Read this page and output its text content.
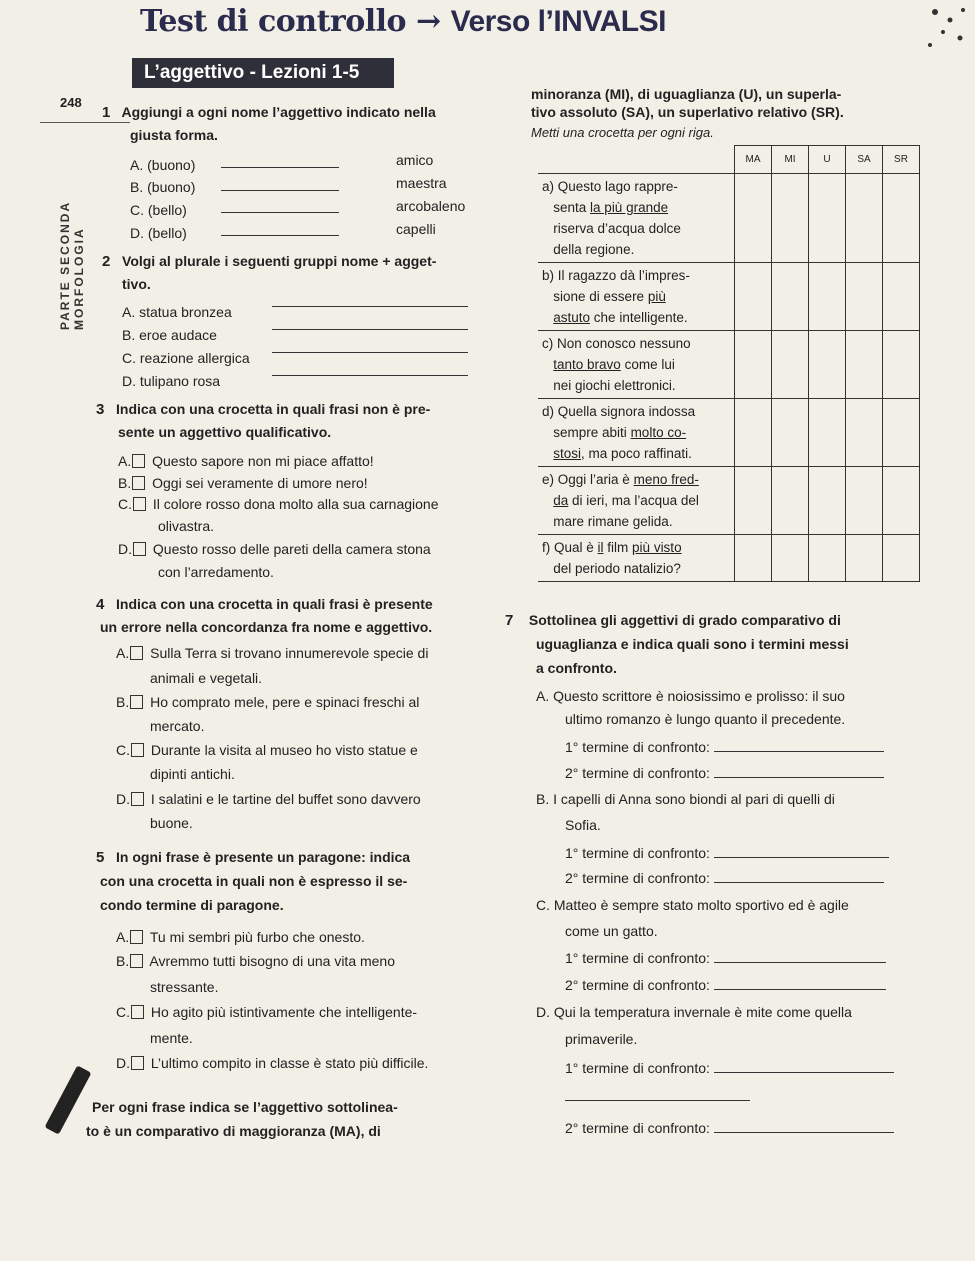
Test di controllo → Verso l’INVALSI
L’aggettivo - Lezioni 1-5
248
PARTE SECONDA MORFOLOGIA
1 Aggiungi a ogni nome l’aggettivo indicato nella
giusta forma.
A. (buono)	amico
B. (buono)	maestra
C. (bello)	arcobaleno
D. (bello)	capelli
2 Volgi al plurale i seguenti gruppi nome + agget-
tivo.
A. statua bronzea
B. eroe audace
C. reazione allergica
D. tulipano rosa
3 Indica con una crocetta in quali frasi non è pre-
sente un aggettivo qualificativo.
A. Questo sapore non mi piace affatto!
B. Oggi sei veramente di umore nero!
C. Il colore rosso dona molto alla sua carnagione
olivastra.
D. Questo rosso delle pareti della camera stona
con l’arredamento.
4 Indica con una crocetta in quali frasi è presente
un errore nella concordanza fra nome e aggettivo.
A. Sulla Terra si trovano innumerevole specie di
animali e vegetali.
B. Ho comprato mele, pere e spinaci freschi al
mercato.
C. Durante la visita al museo ho visto statue e
dipinti antichi.
D. I salatini e le tartine del buffet sono davvero
buone.
5 In ogni frase è presente un paragone: indica
con una crocetta in quali non è espresso il se-
condo termine di paragone.
A. Tu mi sembri più furbo che onesto.
B. Avremmo tutti bisogno di una vita meno
stressante.
C. Ho agito più istintivamente che intelligente-
mente.
D. L’ultimo compito in classe è stato più difficile.
Per ogni frase indica se l’aggettivo sottolinea-
to è un comparativo di maggioranza (MA), di
minoranza (MI), di uguaglianza (U), un superla-
tivo assoluto (SA), un superlativo relativo (SR).
Metti una crocetta per ogni riga.
	MA	MI	U	SA	SR
a) Questo lago rappre-
senta la più grande
riserva d’acqua dolce
della regione.					
b) Il ragazzo dà l’impres-
sione di essere più
astuto che intelligente.					
c) Non conosco nessuno
tanto bravo come lui
nei giochi elettronici.					
d) Quella signora indossa
sempre abiti molto co-
stosi, ma poco raffinati.					
e) Oggi l’aria è meno fred-
da di ieri, ma l’acqua del
mare rimane gelida.					
f) Qual è il film più visto
del periodo natalizio?					
7 Sottolinea gli aggettivi di grado comparativo di
uguaglianza e indica quali sono i termini messi
a confronto.
A. Questo scrittore è noiosissimo e prolisso: il suo
ultimo romanzo è lungo quanto il precedente.
1° termine di confronto:
2° termine di confronto:
B. I capelli di Anna sono biondi al pari di quelli di
Sofia.
1° termine di confronto:
2° termine di confronto:
C. Matteo è sempre stato molto sportivo ed è agile
come un gatto.
1° termine di confronto:
2° termine di confronto:
D. Qui la temperatura invernale è mite come quella
primaverile.
1° termine di confronto:
2° termine di confronto:
